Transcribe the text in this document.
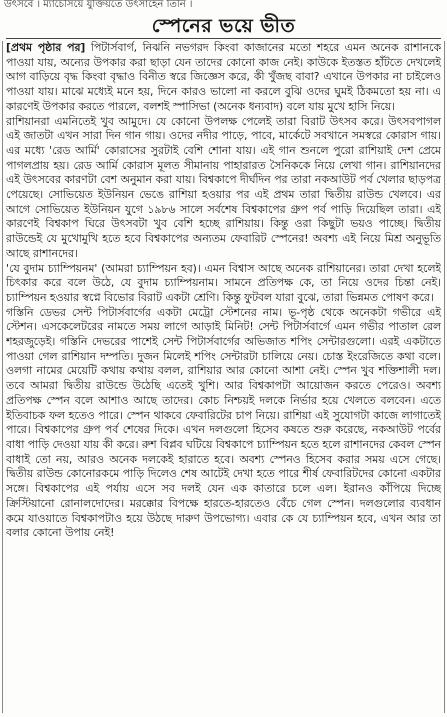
উৎসবে । ম্যাচেসিয়ে যুক্তিয়তে উৎসাহেন তিনি ।
স্পেনের ভয়ে ভীত

[প্রথম পৃষ্ঠার পর] পিটার্সবার্গ, নিঝনি নভগরদ কিংবা কাজানের মতো শহরে এমন অনেক রাশানকে পাওয়া যায়, অন্যের উপকার করা ছাড়া যেন তাদের কোনো কাজ নেই। কাউকে ইতস্তত হাঁটতে দেখলেই আগ বাড়িয়ে বৃদ্ধ কিংবা বৃদ্ধাও বিনীত স্বরে জিজ্ঞেস করে, কী খুঁজছ বাবা? এখানে উপকার না চাইলেও পাওয়া যায়। মাঝে মধ্যেই মনে হয়, দিনে কারও ভালো না করলে বুঝি ওদের ঘুমই ঠিকমতো হয় না। এ কারণেই উপকার করতে পারলে, বলশই স্পাসিভা (অনেক ধন্যবাদ) বলে যায় মুখে হাসি নিয়ে।

রাশিয়ানরা এমনিতেই খুব আমুদে। যে কোনো উপলক্ষ পেলেই তারা বিরাট উৎসব করে। উৎসবপাগল এই জাতটা এখন সারা দিন গান গায়। ওদের নদীর পাড়ে, পাবে, মার্কেটে সবখানে সমস্বরে কোরাস গায়। এর মধ্যে 'রেড আর্মি' কোরাসের সুরটাই বেশি শোনা যায়। এই গান শুনলে পুরো রাশিয়াই দেশ প্রেমে পাগলপ্রায় হয়। রেড আর্মি কোরাস মূলত সীমানায় পাহারারত সৈনিককে নিয়ে লেখা গান। রাশিয়ানদের এই উৎসবের কারণটা বেশ অনুমান করা যায়। বিশ্বকাপে দীর্ঘদিন পর তারা নকআউট পর্ব খেলার ছাড়পত্র পেয়েছে। সোভিয়েত ইউনিয়ন ভেঙে রাশিয়া হওয়ার পর এই প্রথম তারা দ্বিতীয় রাউন্ড খেলবে। এর আগে সোভিয়েত ইউনিয়ন যুগে ১৯৮৬ সালে সর্বশেষ বিশ্বকাপের গ্রুপ পর্ব পাড়ি দিয়েছিল তারা। এই কারণেই বিশ্বকাপ ঘিরে উৎসবটা খুব বেশি হচ্ছে রাশিয়ায়। কিন্তু ওরা কিছুটা ভয়ও পাচ্ছে। দ্বিতীয় রাউন্ডেই যে মুখোমুখি হতে হবে বিশ্বকাপের অন্যতম ফেবারিট স্পেনের! অবশ্য এই নিয়ে মিশ্র অনুভূতি আছে রাশানদের।

'যে বুদাম চ্যাম্পিয়নম' (আমরা চ্যাম্পিয়ন হব)। এমন বিশ্বাস আছে অনেক রাশিয়ানের। তারা দেখা হলেই চিৎকার করে বলে উঠে, যে বুদাম চ্যাম্পিয়নাম। সামনে প্রতিপক্ষ কে, তা নিয়ে ওদের চিন্তা নেই। চ্যাম্পিয়ন হওয়ার স্বপ্নে বিভোর বিরাট একটা শ্রেণি। কিন্তু ফুটবল যারা বুঝে, তারা ভিন্নমত পোষণ করে।

গস্তিনি ডেভর সেন্ট পিটার্সবার্গের একটা মেট্রো স্টেশনের নাম। ভূ-পৃষ্ঠ থেকে অনেকটা গভীরে এই স্টেশন। এসকেলেটরের নামতে সময় লাগে আড়াই মিনিট! সেন্ট পিটার্সবার্গে এমন গভীর পাতাল রেল শহরজুড়েই। গস্তিনি দেভরের পাশেই সেন্ট পিটার্সবার্গের অভিজাত শপিং সেন্টারগুলো। এরই একটাতে পাওয়া গেল রাশিয়ান দম্পতি। দুজন মিলেই শপিং সেন্টারটা চালিয়ে নেয়। চোস্ত ইংরেজিতে কথা বলে। ওলগা নামের মেয়েটি কথায় কথায় বলল, রাশিয়ার আর কোনো আশা নেই। স্পেন খুব শক্তিশালী দল। তবে আমরা দ্বিতীয় রাউন্ডে উঠেছি এতেই খুশি। আর বিশ্বকাপটা আয়োজন করতে পেরেও। অবশ্য প্রতিপক্ষ স্পেন বলে আশাও আছে তাদের। কোচ নিশ্চয়ই দলকে নির্ভার হয়ে খেলতে বলবেন। এতে ইতিবাচক ফল হতেও পারে। স্পেন থাকবে ফেবারিটের চাপ নিয়ে। রাশিয়া এই সুযোগটা কাজে লাগাতেই পারে। বিশ্বকাপের গ্রুপ পর্ব শেষের দিকে। এখন দলগুলো হিসেব কষতে শুরু করেছে, নকআউট পর্বের বাধা পাড়ি দেওয়া যায় কী করে। রুশ বিপ্লব ঘটিয়ে বিশ্বকাপে চ্যাম্পিয়ন হতে হলে রাশানদের কেবল স্পেন বাধাই তো নয়, আরও অনেক দলকেই হারাতে হবে। অবশ্য স্পেনও হিসেব করার সময় এসে গেছে। দ্বিতীয় রাউন্ড কোনোরকমে পাড়ি দিলেও শেষ আটেই দেখা হতে পারে শীর্ষ ফেবারিটদের কোনো একটার সঙ্গে। বিশ্বকাপের এই পর্যায় এসে সব দলই যেন এক কাতারে চলে এল। ইরানও কাঁপিয়ে দিচ্ছে ক্রিস্টিয়ানো রোনালদোদের। মরক্কোর বিপক্ষে হারতে-হারতেও বেঁচে গেল স্পেন। দলগুলোর ব্যবধান কমে যাওয়াতে বিশ্বকাপটাও হয়ে উঠছে দারুণ উপভোগ্য। এবার কে যে চ্যাম্পিয়ন হবে, এখন আর তা বলার কোনো উপায় নেই!
